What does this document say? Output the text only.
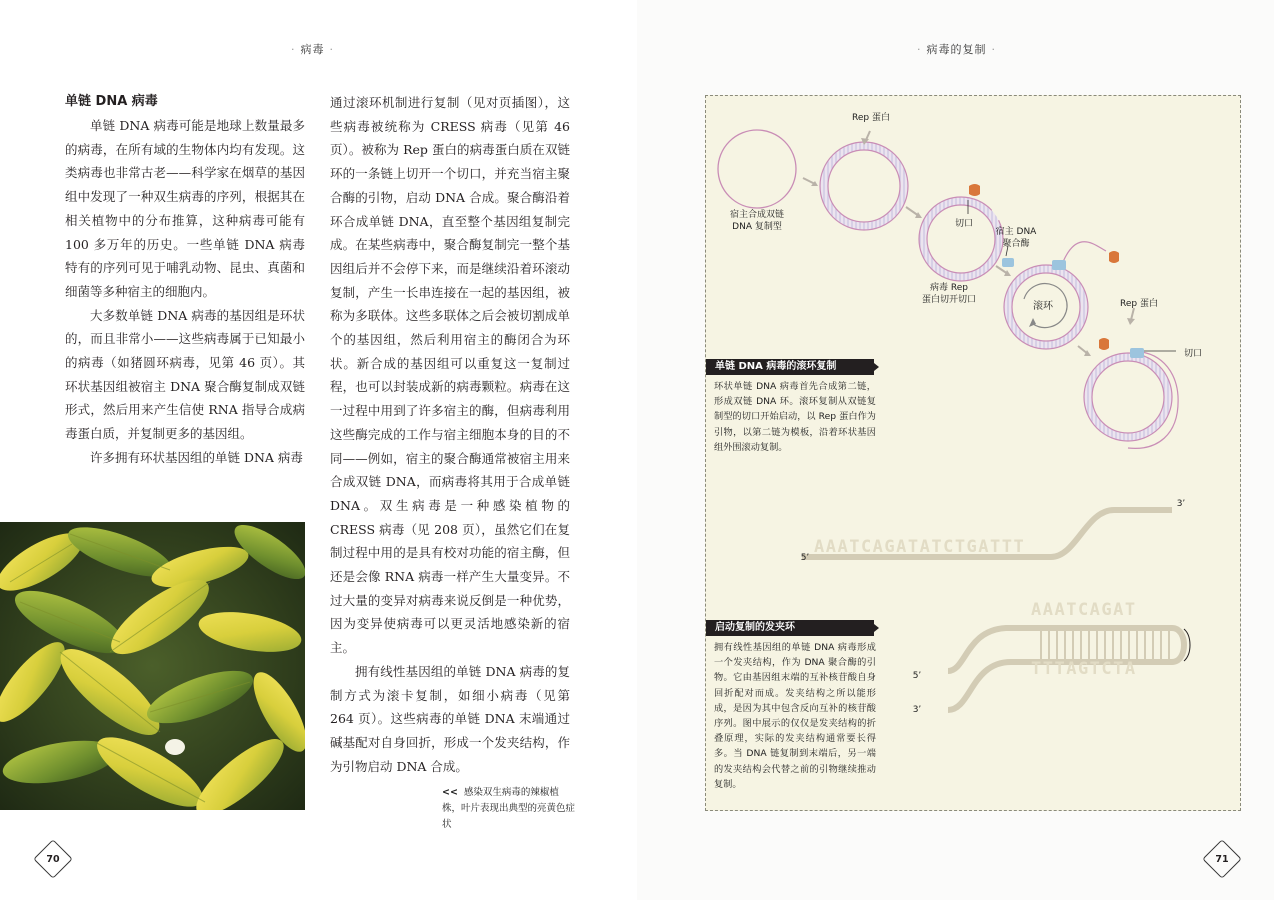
· 病毒 ·
单链 DNA 病毒

单链 DNA 病毒可能是地球上数量最多的病毒，在所有域的生物体内均有发现。这类病毒也非常古老——科学家在烟草的基因组中发现了一种双生病毒的序列，根据其在相关植物中的分布推算，这种病毒可能有 100 多万年的历史。一些单链 DNA 病毒特有的序列可见于哺乳动物、昆虫、真菌和细菌等多种宿主的细胞内。

大多数单链 DNA 病毒的基因组是环状的，而且非常小——这些病毒属于已知最小的病毒（如猪圆环病毒，见第 46 页）。其环状基因组被宿主 DNA 聚合酶复制成双链形式，然后用来产生信使 RNA 指导合成病毒蛋白质，并复制更多的基因组。

许多拥有环状基因组的单链 DNA 病毒

通过滚环机制进行复制（见对页插图），这些病毒被统称为 CRESS 病毒（见第 46 页）。被称为 Rep 蛋白的病毒蛋白质在双链环的一条链上切开一个切口，并充当宿主聚合酶的引物，启动 DNA 合成。聚合酶沿着环合成单链 DNA，直至整个基因组复制完成。在某些病毒中，聚合酶复制完一整个基因组后并不会停下来，而是继续沿着环滚动复制，产生一长串连接在一起的基因组，被称为多联体。这些多联体之后会被切割成单个的基因组，然后利用宿主的酶闭合为环状。新合成的基因组可以重复这一复制过程，也可以封装成新的病毒颗粒。病毒在这一过程中用到了许多宿主的酶，但病毒利用这些酶完成的工作与宿主细胞本身的目的不同——例如，宿主的聚合酶通常被宿主用来合成双链 DNA，而病毒将其用于合成单链 DNA。双生病毒是一种感染植物的 CRESS 病毒（见 208 页），虽然它们在复制过程中用的是具有校对功能的宿主酶，但还是会像 RNA 病毒一样产生大量变异。不过大量的变异对病毒来说反倒是一种优势，因为变异使病毒可以更灵活地感染新的宿主。

拥有线性基因组的单链 DNA 病毒的复制方式为滚卡复制，如细小病毒（见第 264 页）。这些病毒的单链 DNA 末端通过碱基配对自身回折，形成一个发夹结构，作为引物启动 DNA 合成。

<< 感染双生病毒的辣椒植株，叶片表现出典型的亮黄色症状
70
· 病毒的复制 ·
Rep 蛋白
宿主合成双链
DNA 复制型	切口
病毒 Rep
蛋白切开切口
宿主 DNA
聚合酶
滚环	Rep 蛋白
切口
单链 DNA 病毒的滚环复制
环状单链 DNA 病毒首先合成第二链，形成双链 DNA 环。滚环复制从双链复制型的切口开始启动，以 Rep 蛋白作为引物，以第二链为模板，沿着环状基因组外围滚动复制。
AAATCAGATATCTGATTT
5’
3’
AAATCAGAT
TTTAGTCTA
5’
3’
启动复制的发夹环
拥有线性基因组的单链 DNA 病毒形成一个发夹结构，作为 DNA 聚合酶的引物。它由基因组末端的互补核苷酸自身回折配对而成。发夹结构之所以能形成，是因为其中包含反向互补的核苷酸序列。图中展示的仅仅是发夹结构的折叠原理，实际的发夹结构通常要长得多。当 DNA 链复制到末端后，另一端的发夹结构会代替之前的引物继续推动复制。
71
